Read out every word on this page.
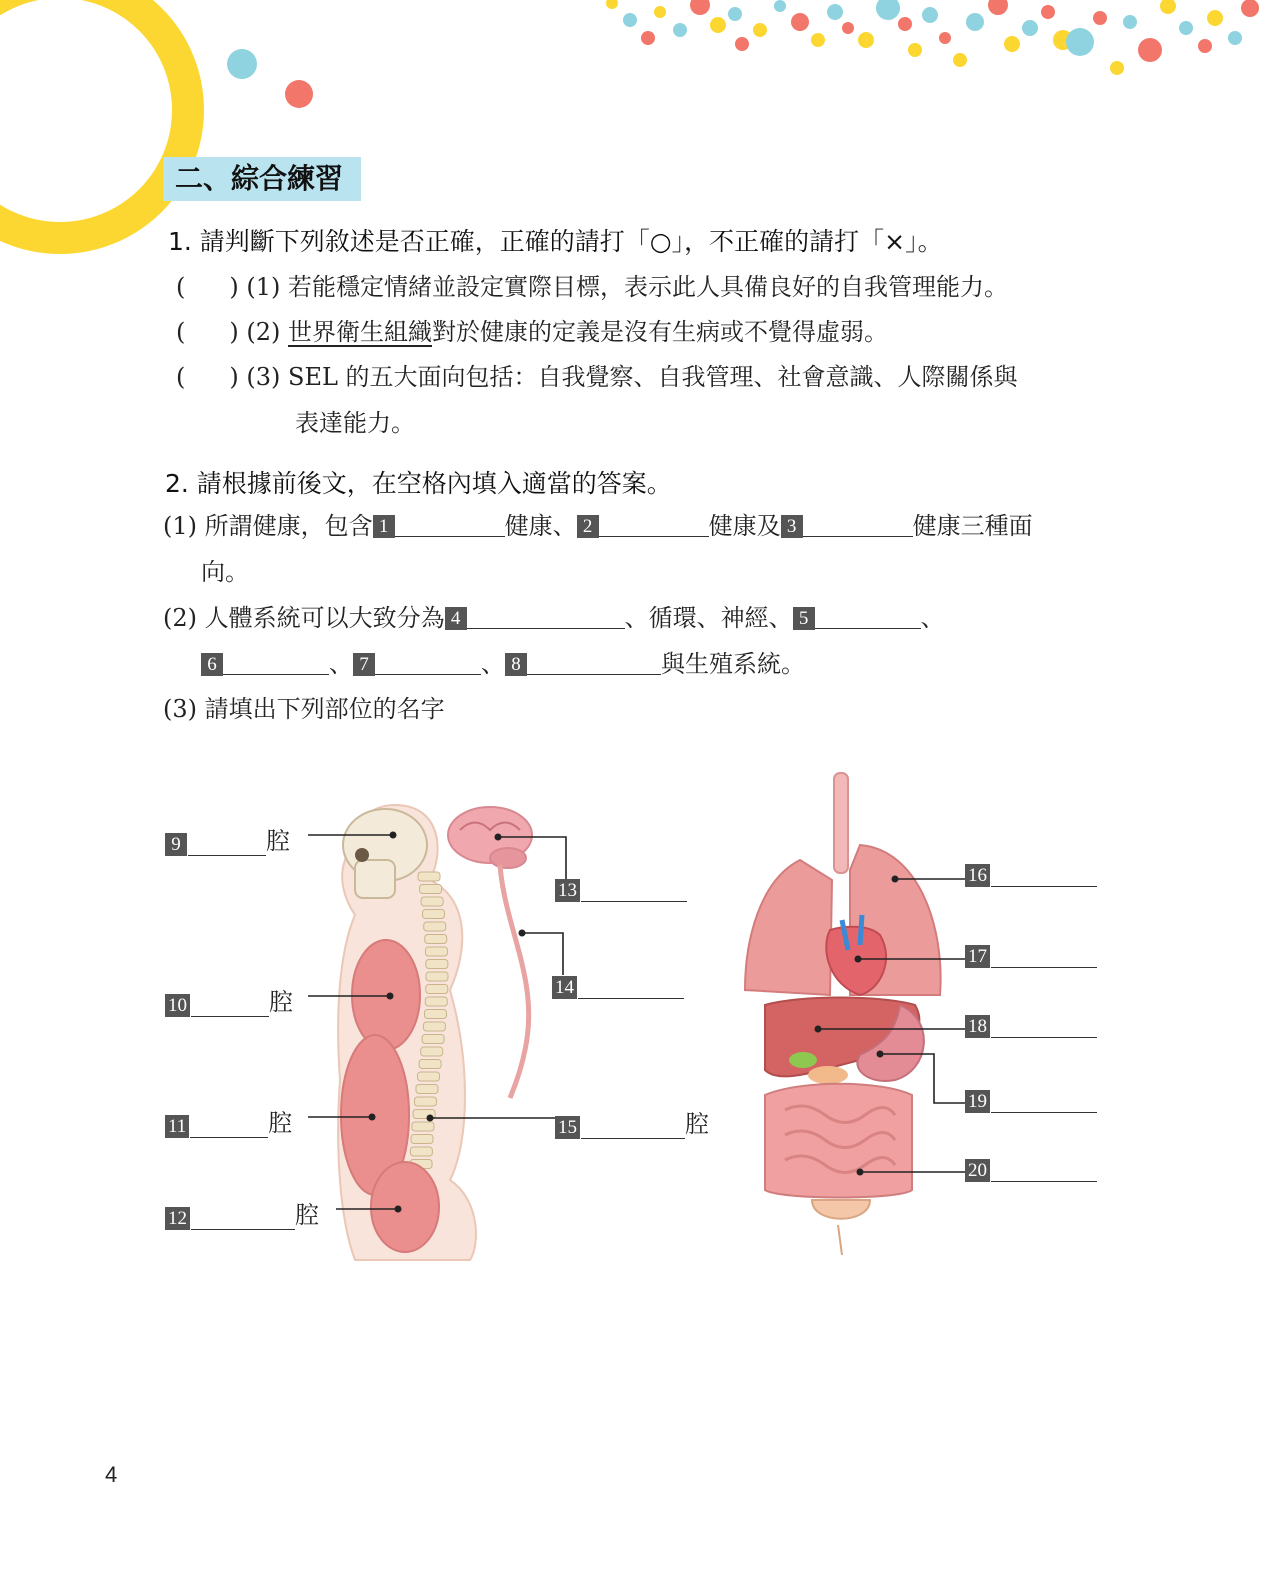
二、綜合練習
1. 請判斷下列敘述是否正確，正確的請打「○」，不正確的請打「×」。
( ) (1) 若能穩定情緒並設定實際目標，表示此人具備良好的自我管理能力。
( ) (2) 世界衛生組織對於健康的定義是沒有生病或不覺得虛弱。
( ) (3) SEL 的五大面向包括：自我覺察、自我管理、社會意識、人際關係與
表達能力。
2. 請根據前後文，在空格內填入適當的答案。
(1) 所謂健康，包含 1	健康、 2	健康及 3	健康三種面
向。
(2) 人體系統可以大致分為 4	、循環、神經、 5	、
6	、 7	、 8	與生殖系統。
(3) 請填出下列部位的名字
9	腔
10	腔
11	腔
12	腔
13
14
15	腔
16
17
18
19
20
4
